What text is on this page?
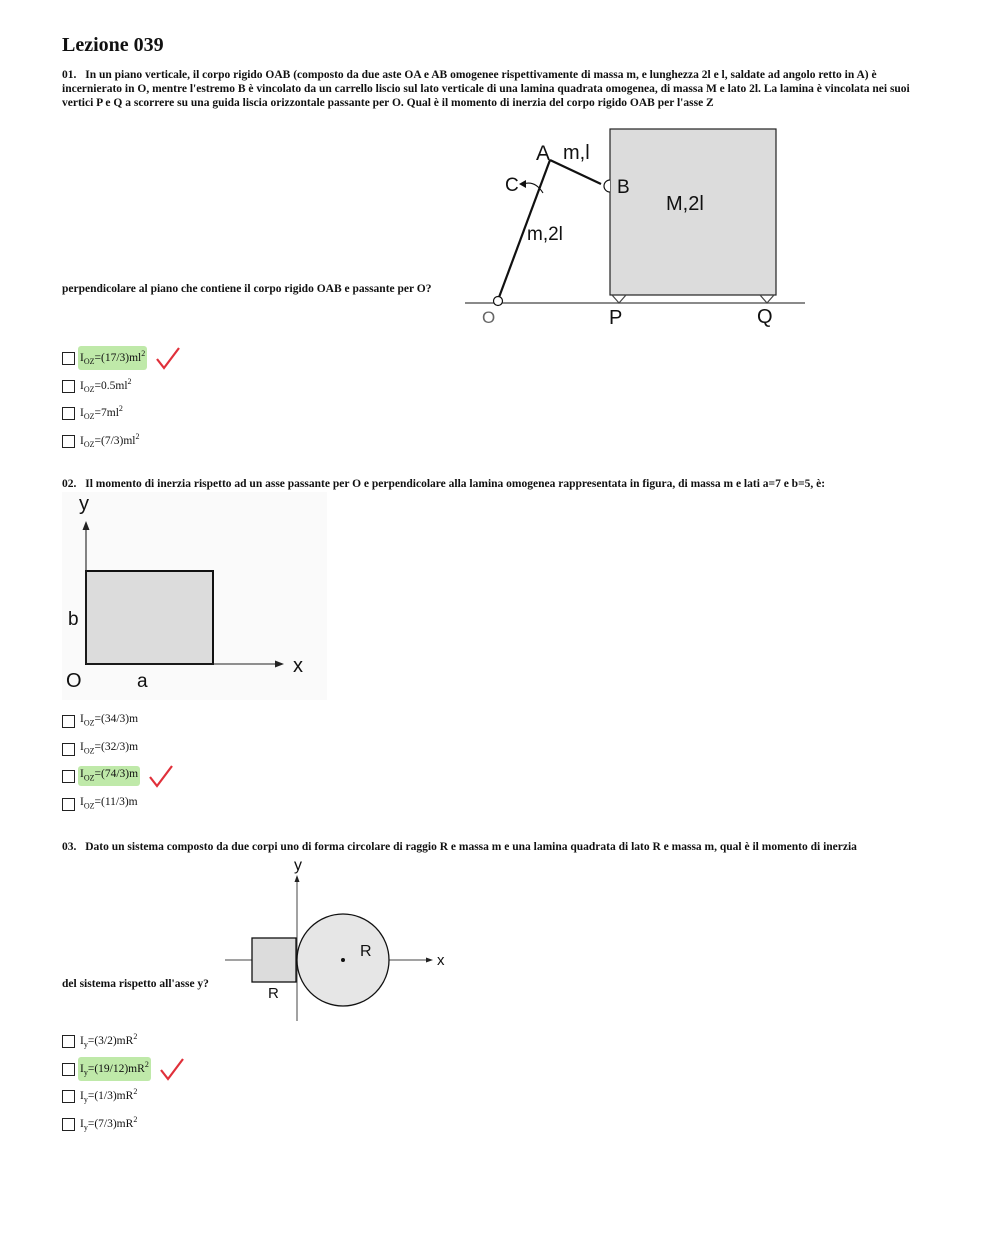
Lezione 039
01. In un piano verticale, il corpo rigido OAB (composto da due aste OA e AB omogenee rispettivamente di massa m, e lunghezza 2l e l, saldate ad angolo retto in A) è incernierato in O, mentre l'estremo B è vincolato da un carrello liscio sul lato verticale di una lamina quadrata omogenea, di massa M e lato 2l. La lamina è vincolata nei suoi vertici P e Q a scorrere su una guida liscia orizzontale passante per O. Qual è il momento di inerzia del corpo rigido OAB per l'asse Z
perpendicolare al piano che contiene il corpo rigido OAB e passante per O?
A m,l
C	B
m,2l
M,2l
O	P	Q
$I_{OZ}=(17/3)ml^2$
$I_{OZ}=0.5ml^2$
$I_{OZ}=7ml^2$
$I_{OZ}=(7/3)ml^2$
02. Il momento di inerzia rispetto ad un asse passante per O e perpendicolare alla lamina omogenea rappresentata in figura, di massa m e lati a=7 e b=5, è:
y
x
b
O	a
$I_{OZ}=(34/3)m$
$I_{OZ}=(32/3)m$
$I_{OZ}=(74/3)m$
$I_{OZ}=(11/3)m$
03. Dato un sistema composto da due corpi uno di forma circolare di raggio R e massa m e una lamina quadrata di lato R e massa m, qual è il momento di inerzia
del sistema rispetto all'asse y?
y
x
R
R
$I_y=(3/2)mR^2$
$I_y=(19/12)mR^2$
$I_y=(1/3)mR^2$
$I_y=(7/3)mR^2$
